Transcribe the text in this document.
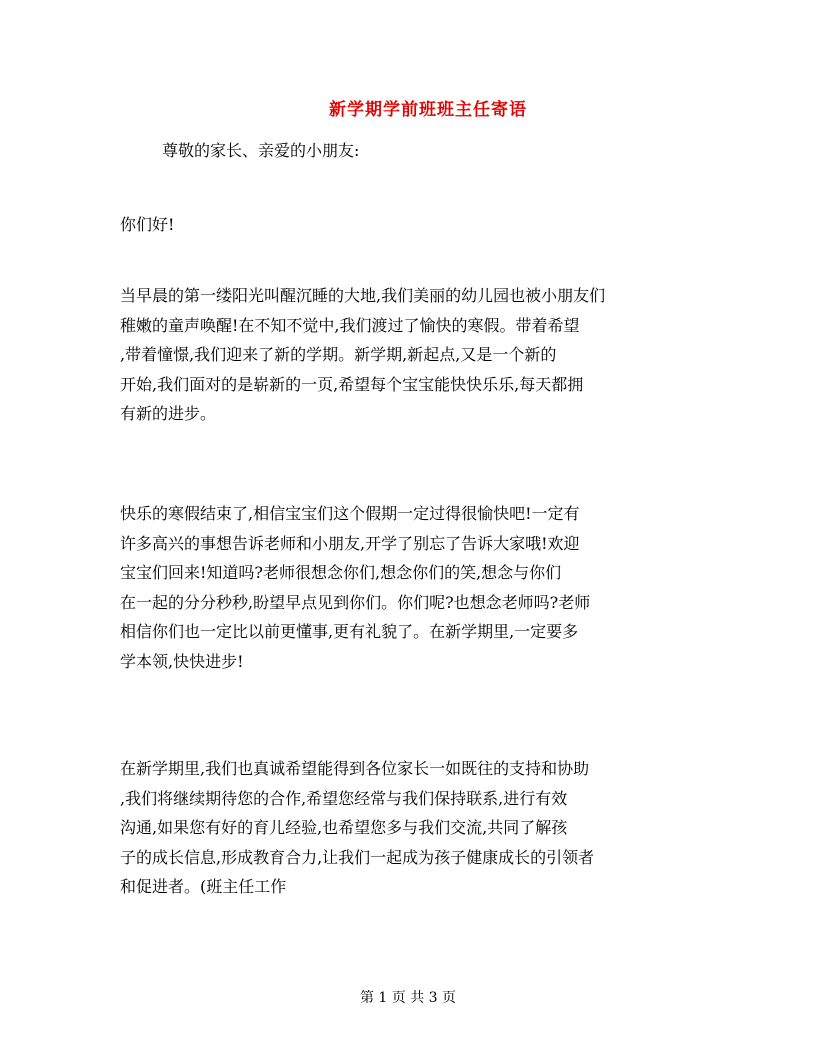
新学期学前班班主任寄语
尊敬的家长、亲爱的小朋友:
你们好!

当早晨的第一缕阳光叫醒沉睡的大地,我们美丽的幼儿园也被小朋友们
稚嫩的童声唤醒!在不知不觉中,我们渡过了愉快的寒假。带着希望
,带着憧憬,我们迎来了新的学期。新学期,新起点,又是一个新的
开始,我们面对的是崭新的一页,希望每个宝宝能快快乐乐,每天都拥
有新的进步。

快乐的寒假结束了,相信宝宝们这个假期一定过得很愉快吧!一定有
许多高兴的事想告诉老师和小朋友,开学了别忘了告诉大家哦!欢迎
宝宝们回来!知道吗?老师很想念你们,想念你们的笑,想念与你们
在一起的分分秒秒,盼望早点见到你们。你们呢?也想念老师吗?老师
相信你们也一定比以前更懂事,更有礼貌了。在新学期里,一定要多
学本领,快快进步!

在新学期里,我们也真诚希望能得到各位家长一如既往的支持和协助
,我们将继续期待您的合作,希望您经常与我们保持联系,进行有效
沟通,如果您有好的育儿经验,也希望您多与我们交流,共同了解孩
子的成长信息,形成教育合力,让我们一起成为孩子健康成长的引领者
和促进者。(班主任工作

第 1 页 共 3 页
